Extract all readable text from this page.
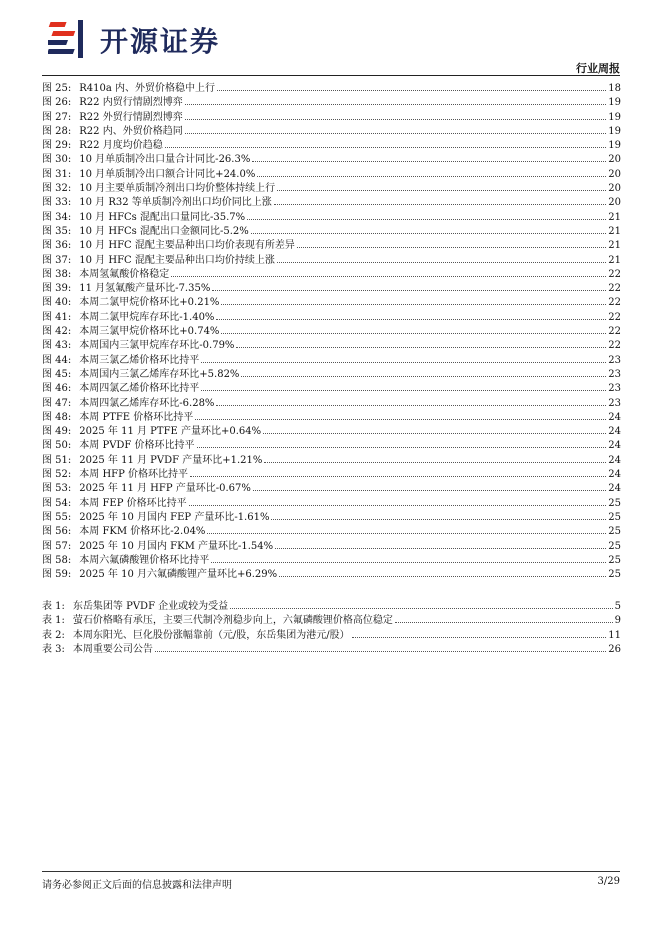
开源证券
行业周报
图 25: R410a 内、外贸价格稳中上行	18
图 26: R22 内贸行情剧烈博弈	19
图 27: R22 外贸行情剧烈博弈	19
图 28: R22 内、外贸价格趋同	19
图 29: R22 月度均价趋稳	19
图 30: 10 月单质制冷出口量合计同比-26.3%	20
图 31: 10 月单质制冷出口额合计同比+24.0%	20
图 32: 10 月主要单质制冷剂出口均价整体持续上行	20
图 33: 10 月 R32 等单质制冷剂出口均价同比上涨	20
图 34: 10 月 HFCs 混配出口量同比-35.7%	21
图 35: 10 月 HFCs 混配出口金额同比-5.2%	21
图 36: 10 月 HFC 混配主要品种出口均价表现有所差异	21
图 37: 10 月 HFC 混配主要品种出口均价持续上涨	21
图 38: 本周氢氟酸价格稳定	22
图 39: 11 月氢氟酸产量环比-7.35%	22
图 40: 本周二氯甲烷价格环比+0.21%	22
图 41: 本周二氯甲烷库存环比-1.40%	22
图 42: 本周三氯甲烷价格环比+0.74%	22
图 43: 本周国内三氯甲烷库存环比-0.79%	22
图 44: 本周三氯乙烯价格环比持平	23
图 45: 本周国内三氯乙烯库存环比+5.82%	23
图 46: 本周四氯乙烯价格环比持平	23
图 47: 本周四氯乙烯库存环比-6.28%	23
图 48: 本周 PTFE 价格环比持平	24
图 49: 2025 年 11 月 PTFE 产量环比+0.64%	24
图 50: 本周 PVDF 价格环比持平	24
图 51: 2025 年 11 月 PVDF 产量环比+1.21%	24
图 52: 本周 HFP 价格环比持平	24
图 53: 2025 年 11 月 HFP 产量环比-0.67%	24
图 54: 本周 FEP 价格环比持平	25
图 55: 2025 年 10 月国内 FEP 产量环比-1.61%	25
图 56: 本周 FKM 价格环比-2.04%	25
图 57: 2025 年 10 月国内 FKM 产量环比-1.54%	25
图 58: 本周六氟磷酸锂价格环比持平	25
图 59: 2025 年 10 月六氟磷酸锂产量环比+6.29%	25
表 1: 东岳集团等 PVDF 企业或较为受益	5
表 1: 萤石价格略有承压，主要三代制冷剂稳步向上，六氟磷酸锂价格高位稳定	9
表 2: 本周东阳光、巨化股份涨幅靠前（元/股，东岳集团为港元/股）	11
表 3: 本周重要公司公告	26
请务必参阅正文后面的信息披露和法律声明	3/29
